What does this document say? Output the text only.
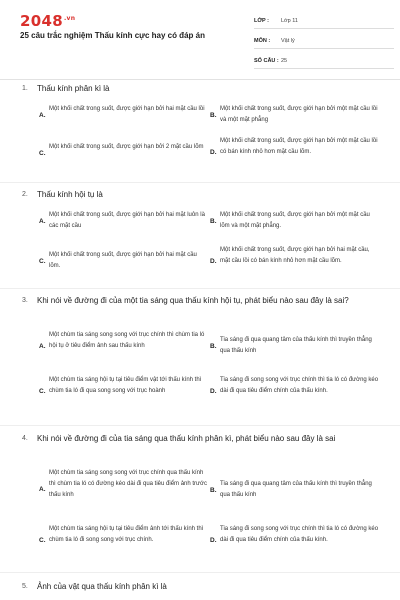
$2048^{.vn}$
25 câu trắc nghiệm Thấu kính cực hay có đáp án
LỚP :	Lớp 11
MÔN :	Vật lý
SỐ CÂU : 25
1.	Thấu kính phân kì là
A.
Một khối chất trong suốt, được giới hạn bởi hai mặt cầu lồi
B.
Một khối chất trong suốt, được giới hạn bởi một mặt cầu lồi và một mặt phẳng
C.
Một khối chất trong suốt, được giới hạn bởi 2 mặt cầu lõm
D.
Một khối chất trong suốt, được giới hạn bởi một mặt cầu lồi có bán kính nhỏ hơn mặt cầu lõm.
2.	Thấu kính hội tụ là
A.
Một khối chất trong suốt, được giới hạn bởi hai mặt luôn là các mặt cầu
B.
Một khối chất trong suốt, được giới hạn bởi một mặt cầu lõm và một mặt phẳng.
C.
Một khối chất trong suốt, được giới hạn bởi hai mặt cầu lõm.
D.
Một khối chất trong suốt, được giới hạn bởi hai mặt cầu, mặt cầu lồi có bán kính nhỏ hơn mặt cầu lõm.
3.	Khi nói về đường đi của một tia sáng qua thấu kính hội tụ, phát biểu nào sau đây là sai?
A.
Một chùm tia sáng song song với trục chính thì chùm tia ló hội tụ ở tiêu điểm ảnh sau thấu kính	B.
Tia sáng đi qua quang tâm của thấu kính thì truyền thẳng qua thấu kính
C.
Một chùm tia sáng hội tụ tại tiêu điểm vật tới thấu kính thì chùm tia ló đi qua song song với trục hoành	D.
Tia sáng đi song song với trục chính thì tia ló có đường kéo dài đi qua tiêu điểm chính của thấu kính.
4.	Khi nói về đường đi của tia sáng qua thấu kính phân kì, phát biểu nào sau đây là sai
A.
Một chùm tia sáng song song với trục chính qua thấu kính thì chùm tia ló có đường kéo dài đi qua tiêu điểm ảnh trước thấu kính
B.
Tia sáng đi qua quang tâm của thấu kính thì truyền thẳng qua thấu kính
C.
Một chùm tia sáng hội tụ tại tiêu điểm ảnh tới thấu kính thì chùm tia ló đi song song với trục chính.	D.
Tia sáng đi song song với trục chính thì tia ló có đường kéo dài đi qua tiêu điểm chính của thấu kính.
5.	Ảnh của vật qua thấu kính phân kì là
